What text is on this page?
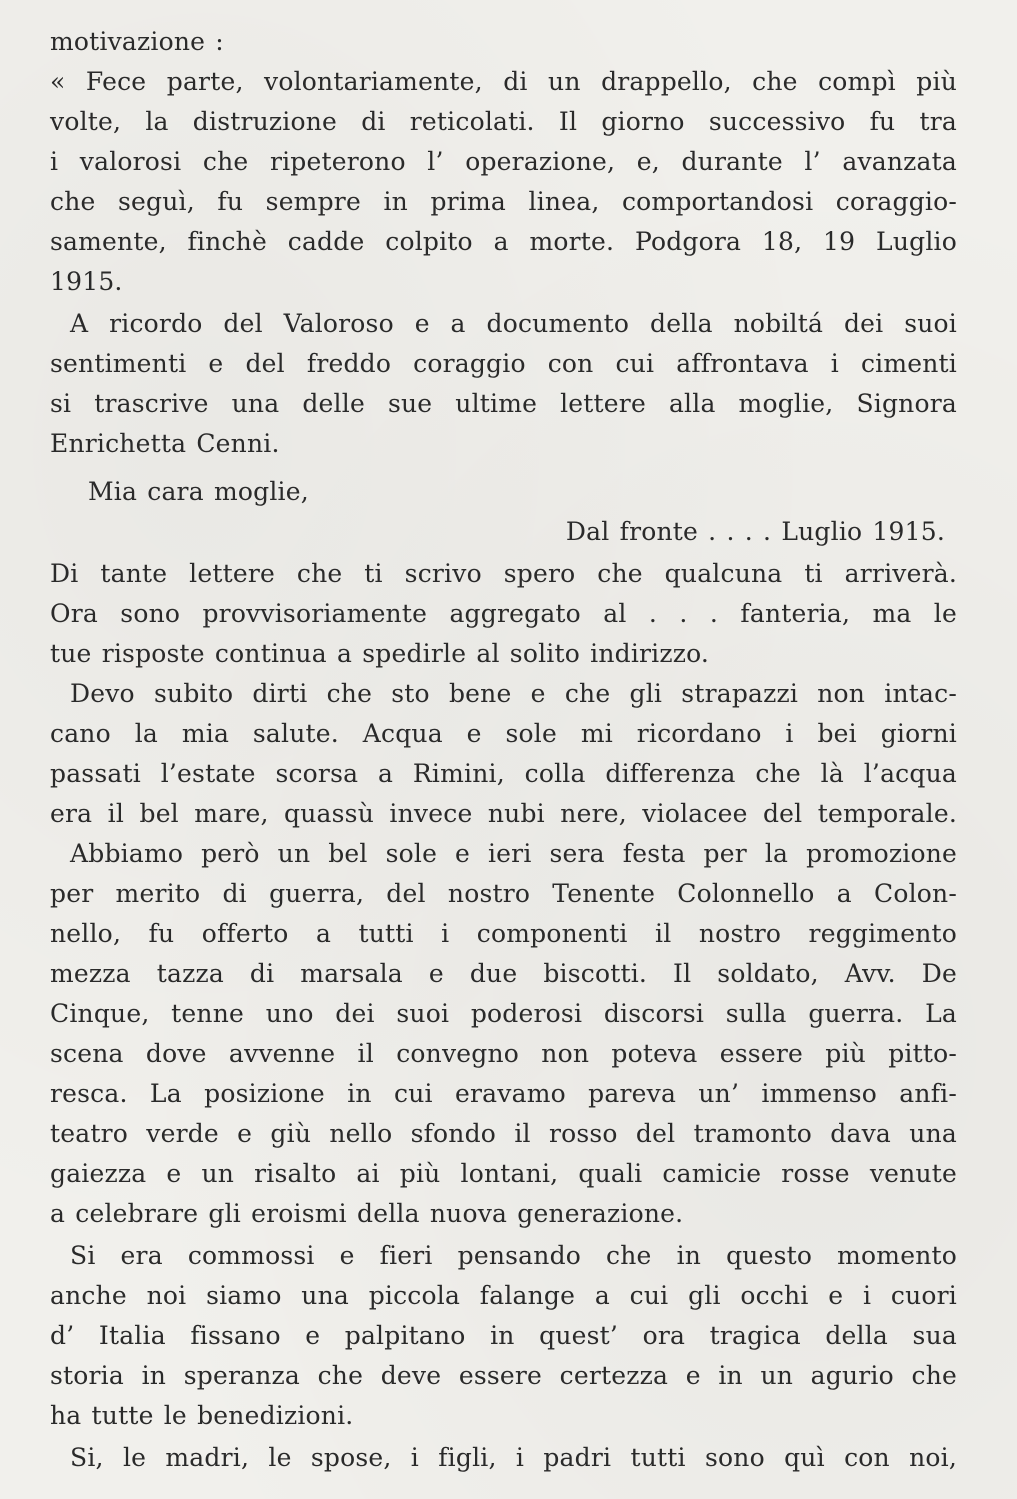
motivazione :
« Fece parte, volontariamente, di un drappello, che compì più
volte, la distruzione di reticolati. Il giorno successivo fu tra
i valorosi che ripeterono l’ operazione, e, durante l’ avanzata
che seguì, fu sempre in prima linea, comportandosi coraggio-
samente, finchè cadde colpito a morte. Podgora 18, 19 Luglio
1915.
A ricordo del Valoroso e a documento della nobiltá dei suoi
sentimenti e del freddo coraggio con cui affrontava i cimenti
si trascrive una delle sue ultime lettere alla moglie, Signora
Enrichetta Cenni.
Mia cara moglie,
Dal fronte . . . . Luglio 1915.
Di tante lettere che ti scrivo spero che qualcuna ti arriverà.
Ora sono provvisoriamente aggregato al . . . fanteria, ma le
tue risposte continua a spedirle al solito indirizzo.
Devo subito dirti che sto bene e che gli strapazzi non intac-
cano la mia salute. Acqua e sole mi ricordano i bei giorni
passati l’estate scorsa a Rimini, colla differenza che là l’acqua
era il bel mare, quassù invece nubi nere, violacee del temporale.
Abbiamo però un bel sole e ieri sera festa per la promozione
per merito di guerra, del nostro Tenente Colonnello a Colon-
nello, fu offerto a tutti i componenti il nostro reggimento
mezza tazza di marsala e due biscotti. Il soldato, Avv. De
Cinque, tenne uno dei suoi poderosi discorsi sulla guerra. La
scena dove avvenne il convegno non poteva essere più pitto-
resca. La posizione in cui eravamo pareva un’ immenso anfi-
teatro verde e giù nello sfondo il rosso del tramonto dava una
gaiezza e un risalto ai più lontani, quali camicie rosse venute
a celebrare gli eroismi della nuova generazione.
Si era commossi e fieri pensando che in questo momento
anche noi siamo una piccola falange a cui gli occhi e i cuori
d’ Italia fissano e palpitano in quest’ ora tragica della sua
storia in speranza che deve essere certezza e in un agurio che
ha tutte le benedizioni.
Si, le madri, le spose, i figli, i padri tutti sono quì con noi,
